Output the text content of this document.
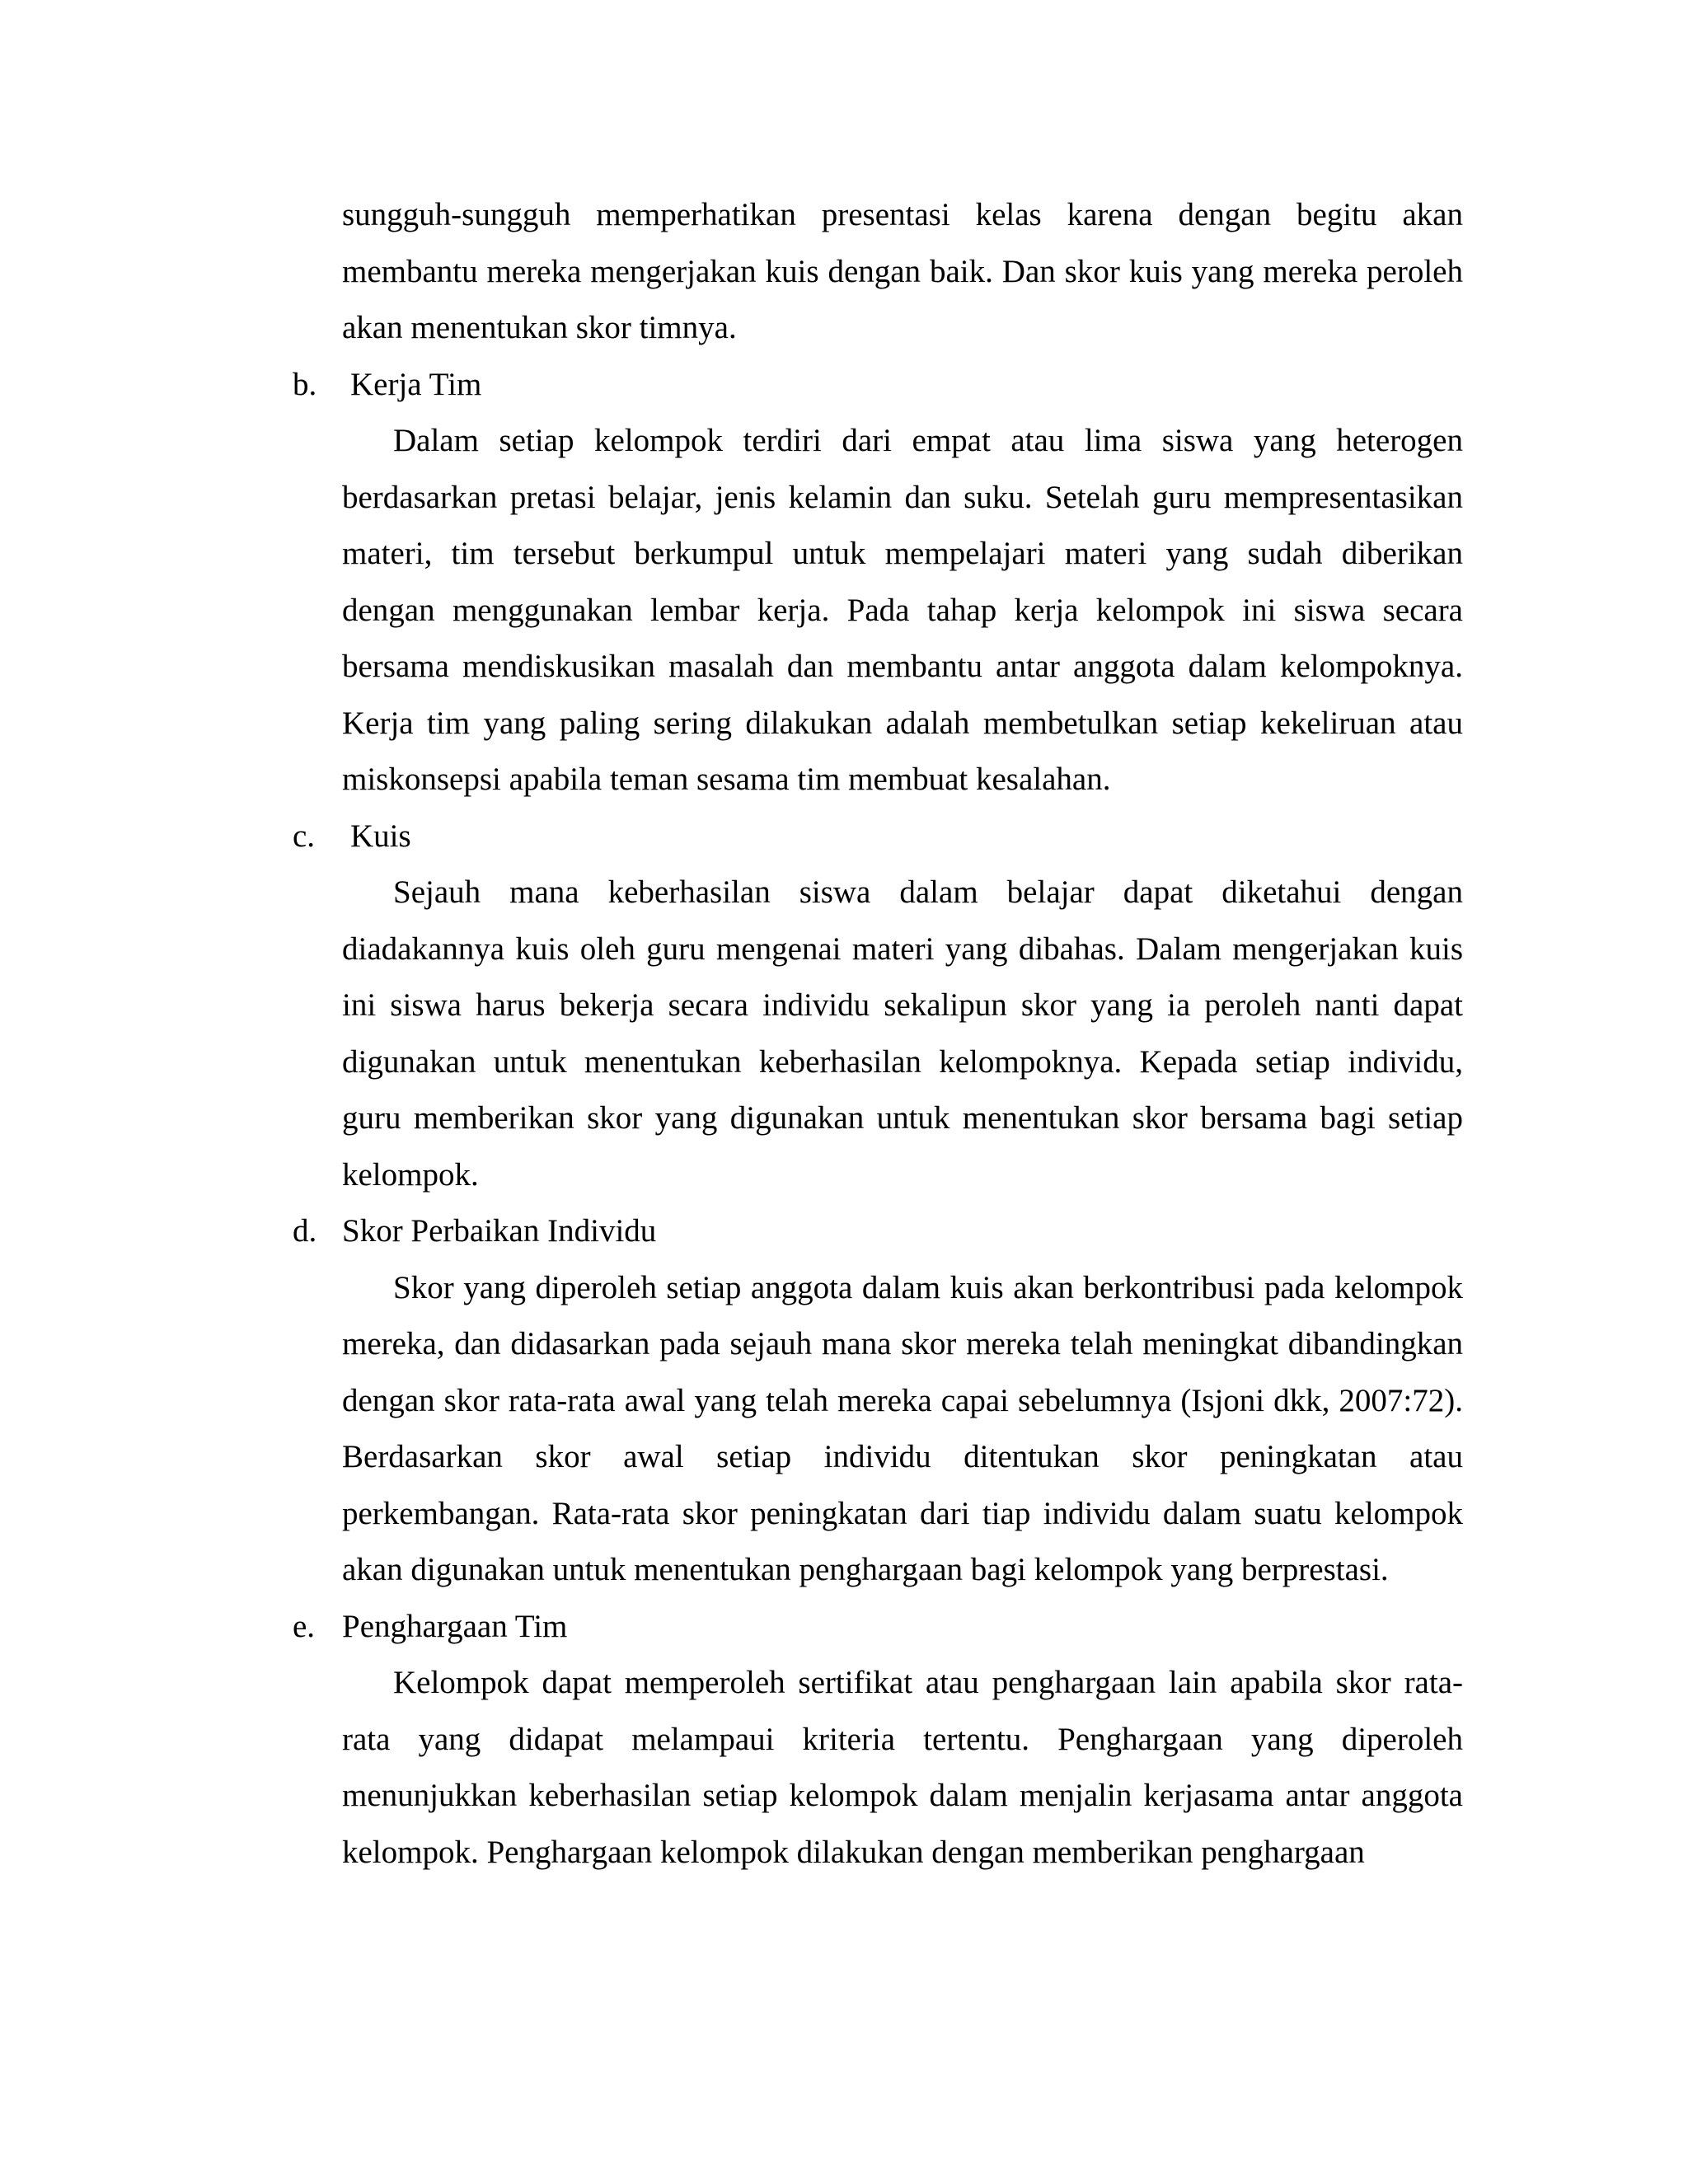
sungguh-sungguh memperhatikan presentasi kelas karena dengan begitu akan membantu mereka mengerjakan kuis dengan baik. Dan skor kuis yang mereka peroleh akan menentukan skor timnya.

b. Kerja Tim

Dalam setiap kelompok terdiri dari empat atau lima siswa yang heterogen berdasarkan pretasi belajar, jenis kelamin dan suku. Setelah guru mempresentasikan materi, tim tersebut berkumpul untuk mempelajari materi yang sudah diberikan dengan menggunakan lembar kerja. Pada tahap kerja kelompok ini siswa secara bersama mendiskusikan masalah dan membantu antar anggota dalam kelompoknya. Kerja tim yang paling sering dilakukan adalah membetulkan setiap kekeliruan atau miskonsepsi apabila teman sesama tim membuat kesalahan.

c. Kuis

Sejauh mana keberhasilan siswa dalam belajar dapat diketahui dengan diadakannya kuis oleh guru mengenai materi yang dibahas. Dalam mengerjakan kuis ini siswa harus bekerja secara individu sekalipun skor yang ia peroleh nanti dapat digunakan untuk menentukan keberhasilan kelompoknya. Kepada setiap individu, guru memberikan skor yang digunakan untuk menentukan skor bersama bagi setiap kelompok.

d. Skor Perbaikan Individu

Skor yang diperoleh setiap anggota dalam kuis akan berkontribusi pada kelompok mereka, dan didasarkan pada sejauh mana skor mereka telah meningkat dibandingkan dengan skor rata-rata awal yang telah mereka capai sebelumnya (Isjoni dkk, 2007:72). Berdasarkan skor awal setiap individu ditentukan skor peningkatan atau perkembangan. Rata-rata skor peningkatan dari tiap individu dalam suatu kelompok akan digunakan untuk menentukan penghargaan bagi kelompok yang berprestasi.

e. Penghargaan Tim

Kelompok dapat memperoleh sertifikat atau penghargaan lain apabila skor rata-rata yang didapat melampaui kriteria tertentu. Penghargaan yang diperoleh menunjukkan keberhasilan setiap kelompok dalam menjalin kerjasama antar anggota kelompok. Penghargaan kelompok dilakukan dengan memberikan penghargaan
